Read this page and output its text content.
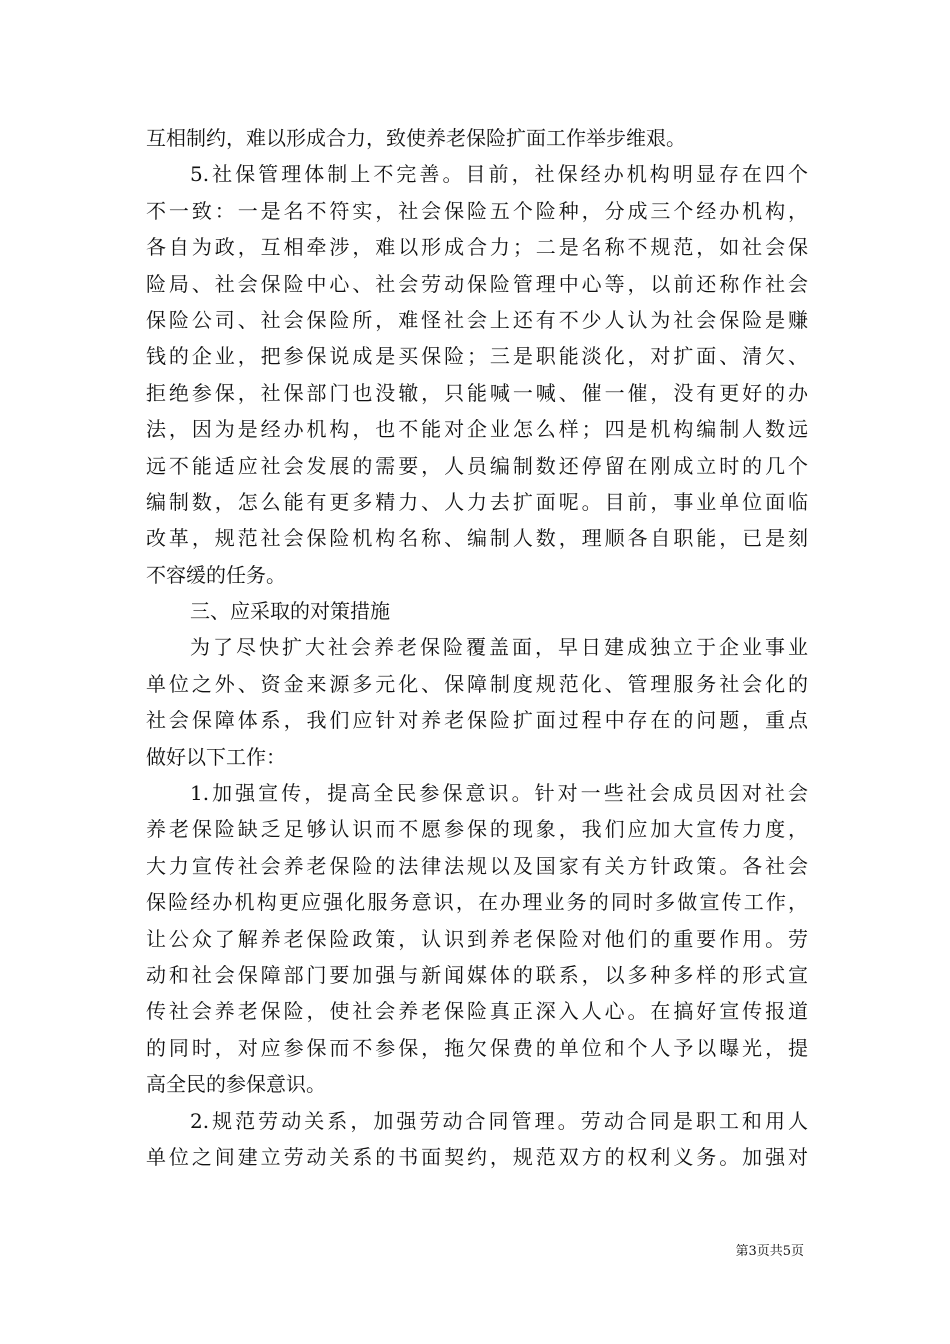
互相制约，难以形成合力，致使养老保险扩面工作举步维艰。
5.社保管理体制上不完善。目前，社保经办机构明显存在四个
不一致：一是名不符实，社会保险五个险种，分成三个经办机构，
各自为政，互相牵涉，难以形成合力；二是名称不规范，如社会保
险局、社会保险中心、社会劳动保险管理中心等，以前还称作社会
保险公司、社会保险所，难怪社会上还有不少人认为社会保险是赚
钱的企业，把参保说成是买保险；三是职能淡化，对扩面、清欠、
拒绝参保，社保部门也没辙，只能喊一喊、催一催，没有更好的办
法，因为是经办机构，也不能对企业怎么样；四是机构编制人数远
远不能适应社会发展的需要，人员编制数还停留在刚成立时的几个
编制数，怎么能有更多精力、人力去扩面呢。目前，事业单位面临
改革，规范社会保险机构名称、编制人数，理顺各自职能，已是刻
不容缓的任务。
三、应采取的对策措施
为了尽快扩大社会养老保险覆盖面，早日建成独立于企业事业
单位之外、资金来源多元化、保障制度规范化、管理服务社会化的
社会保障体系，我们应针对养老保险扩面过程中存在的问题，重点
做好以下工作：
1.加强宣传，提高全民参保意识。针对一些社会成员因对社会
养老保险缺乏足够认识而不愿参保的现象，我们应加大宣传力度，
大力宣传社会养老保险的法律法规以及国家有关方针政策。各社会
保险经办机构更应强化服务意识，在办理业务的同时多做宣传工作，
让公众了解养老保险政策，认识到养老保险对他们的重要作用。劳
动和社会保障部门要加强与新闻媒体的联系，以多种多样的形式宣
传社会养老保险，使社会养老保险真正深入人心。在搞好宣传报道
的同时，对应参保而不参保，拖欠保费的单位和个人予以曝光，提
高全民的参保意识。
2.规范劳动关系，加强劳动合同管理。劳动合同是职工和用人
单位之间建立劳动关系的书面契约，规范双方的权利义务。加强对
第3页共5页
